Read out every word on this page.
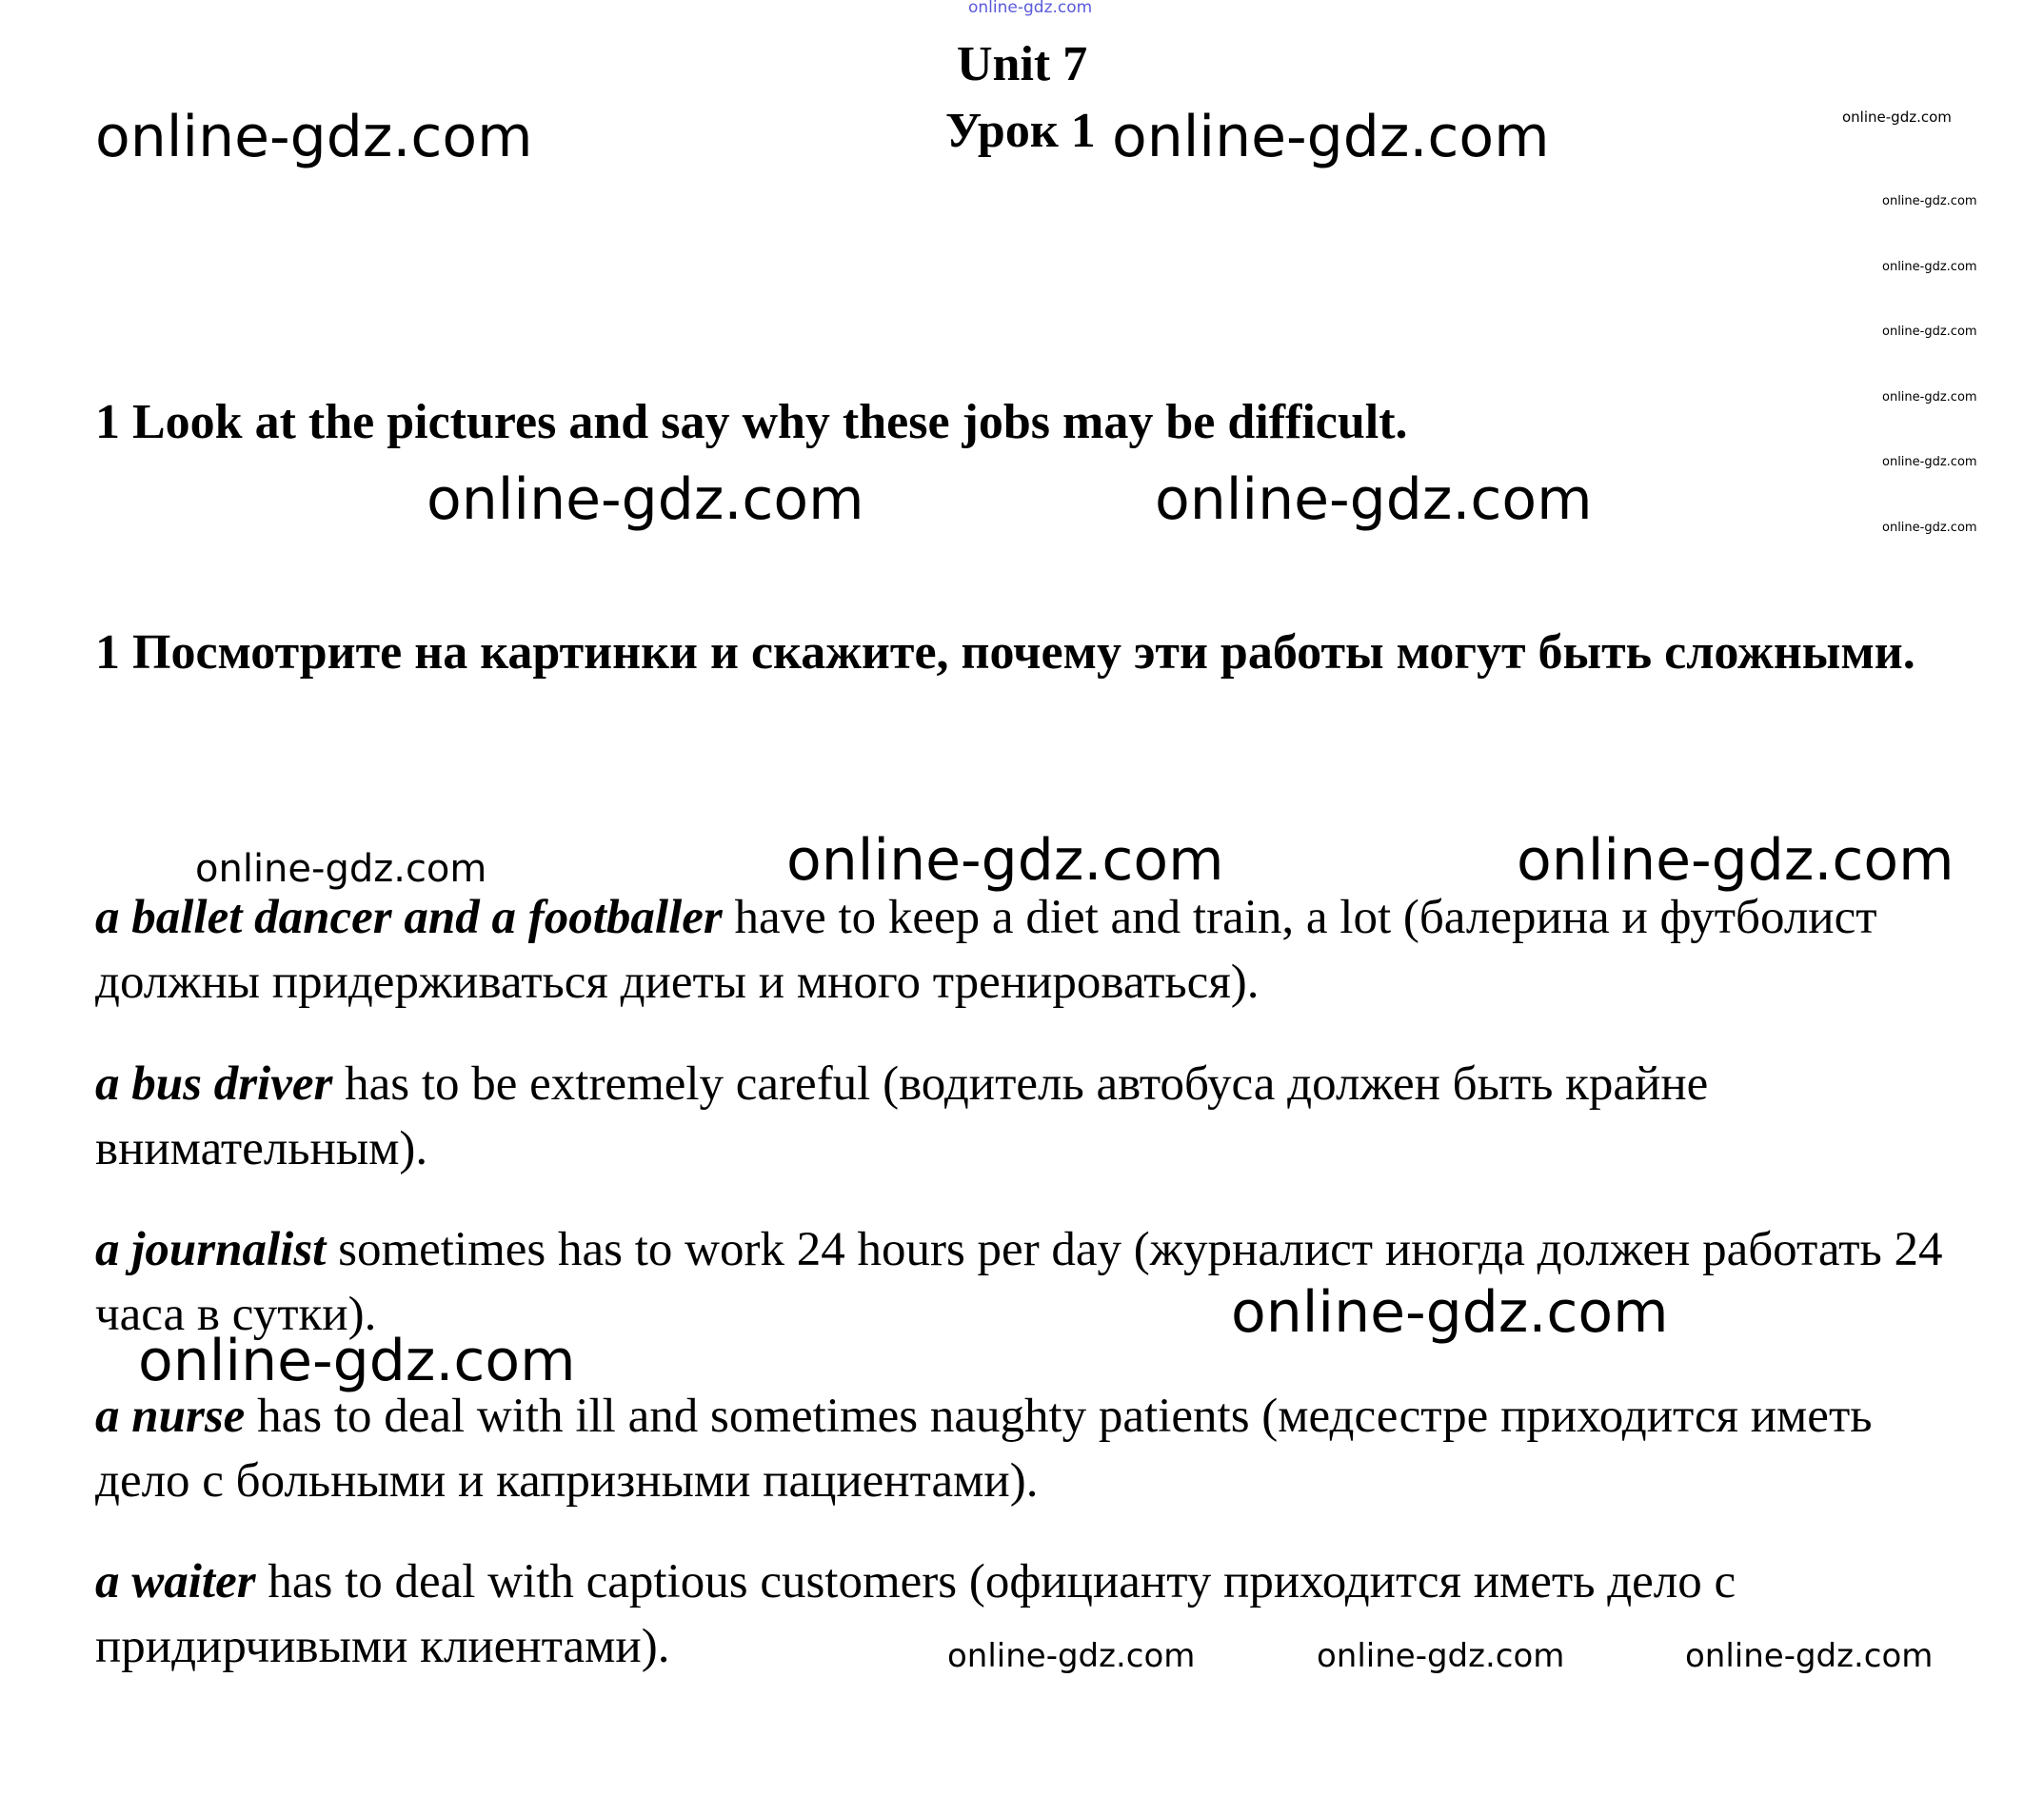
online-gdz.com
online-gdz.com	online-gdz.com	online-gdz.com
online-gdz.com
online-gdz.com
online-gdz.com
online-gdz.com
online-gdz.com
online-gdz.com
online-gdz.com	online-gdz.com
online-gdz.com	online-gdz.com	online-gdz.com
online-gdz.com
online-gdz.com
online-gdz.com	online-gdz.com	online-gdz.com
Unit 7
Урок 1
1 Look at the pictures and say why these jobs may be difficult.
1 Посмотрите на картинки и скажите, почему эти работы могут быть сложными.
a ballet dancer and a footballer have to keep a diet and train, a lot (балерина и футболист должны придерживаться диеты и много тренироваться).
a bus driver has to be extremely careful (водитель автобуса должен быть крайне внимательным).
a journalist sometimes has to work 24 hours per day (журналист иногда должен работать 24 часа в сутки).
a nurse has to deal with ill and sometimes naughty patients (медсестре приходится иметь дело с больными и капризными пациентами).
a waiter has to deal with captious customers (официанту приходится иметь дело с придирчивыми клиентами).
